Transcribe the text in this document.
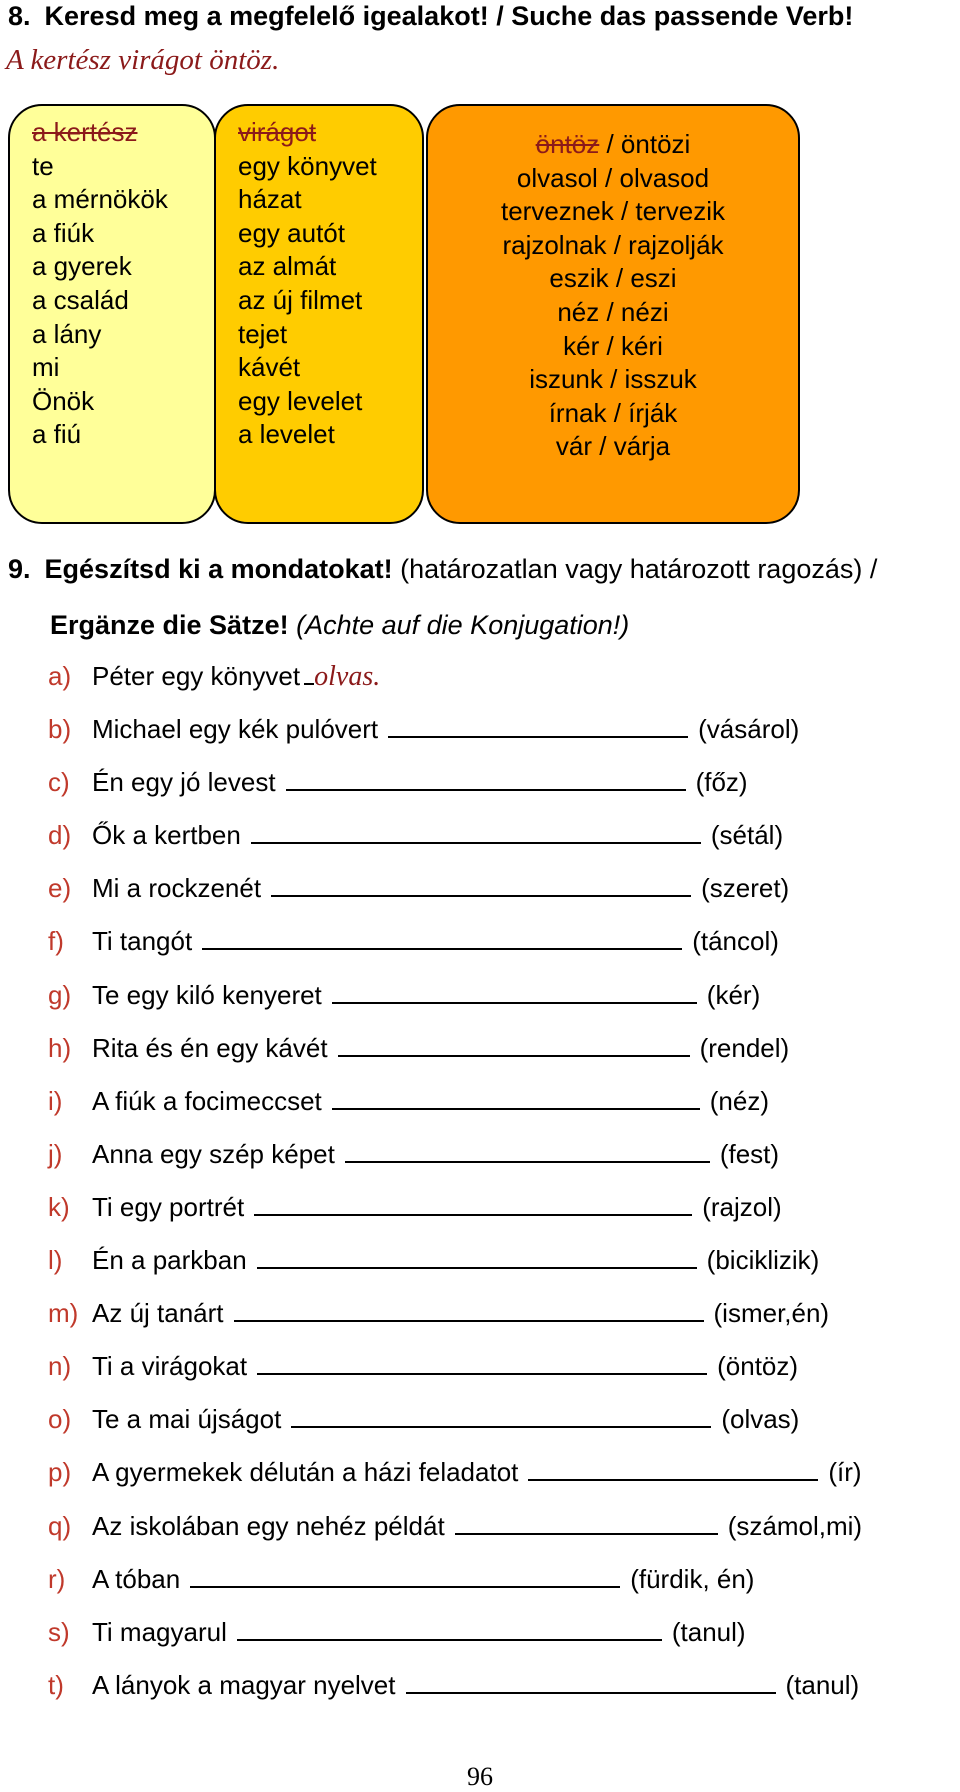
8. Keresd meg a megfelelő igealakot! / Suche das passende Verb!
A kertész virágot öntöz.
a kertész
te
a mérnökök
a fiúk
a gyerek
a család
a lány
mi
Önök
a fiú
virágot
egy könyvet
házat
egy autót
az almát
az új filmet
tejet
kávét
egy levelet
a levelet
öntöz / öntözi
olvasol / olvasod
terveznek / tervezik
rajzolnak / rajzolják
eszik / eszi
néz / nézi
kér / kéri
iszunk / isszuk
írnak / írják
vár / várja
9. Egészítsd ki a mondatokat! (határozatlan vagy határozott ragozás) /
Ergänze die Sätze! (Achte auf die Konjugation!)
a) Péter egy könyvet olvas.
b) Michael egy kék pulóvert	(vásárol)
c) Én egy jó levest	(főz)
d) Ők a kertben	(sétál)
e) Mi a rockzenét	(szeret)
f) Ti tangót	(táncol)
g) Te egy kiló kenyeret	(kér)
h) Rita és én egy kávét	(rendel)
i) A fiúk a focimeccset	(néz)
j) Anna egy szép képet	(fest)
k) Ti egy portrét	(rajzol)
l) Én a parkban	(biciklizik)
m) Az új tanárt	(ismer,én)
n) Ti a virágokat	(öntöz)
o) Te a mai újságot	(olvas)
p) A gyermekek délután a házi feladatot	(ír)
q) Az iskolában egy nehéz példát	(számol,mi)
r) A tóban	(fürdik, én)
s) Ti magyarul	(tanul)
t) A lányok a magyar nyelvet	(tanul)
96
